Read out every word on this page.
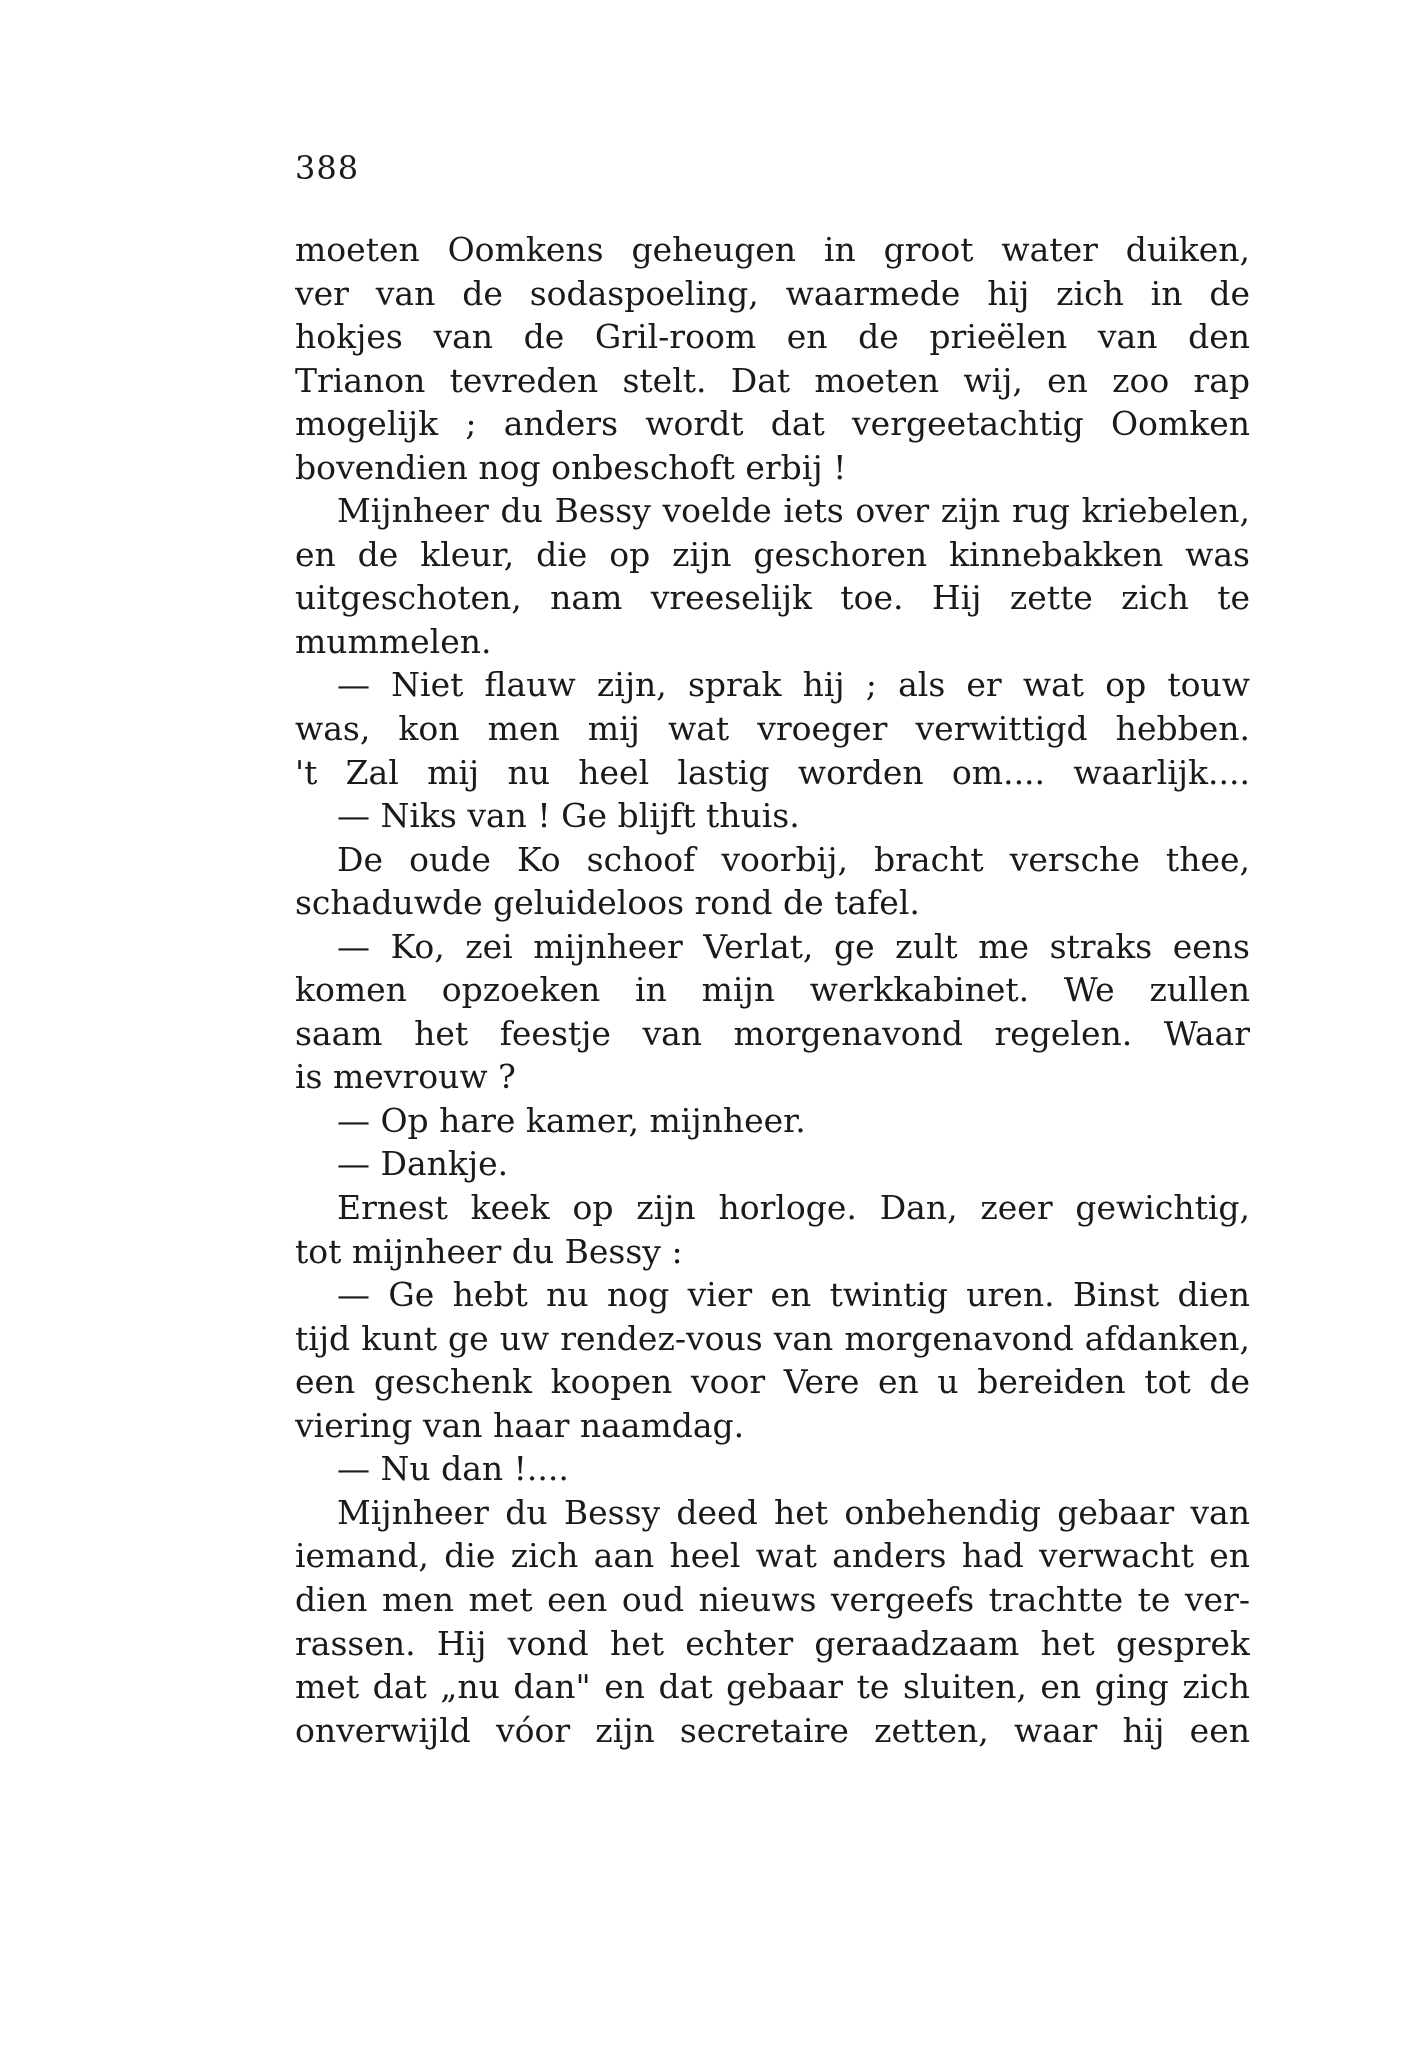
388
moeten Oomkens geheugen in groot water duiken,
ver van de sodaspoeling, waarmede hij zich in de
hokjes van de Gril-room en de prieëlen van den
Trianon tevreden stelt. Dat moeten wij, en zoo rap
mogelijk ; anders wordt dat vergeetachtig Oomken
bovendien nog onbeschoft erbij !
Mijnheer du Bessy voelde iets over zijn rug kriebelen,
en de kleur, die op zijn geschoren kinnebakken was
uitgeschoten, nam vreeselijk toe. Hij zette zich te
mummelen.
— Niet flauw zijn, sprak hij ; als er wat op touw
was, kon men mij wat vroeger verwittigd hebben.
't Zal mij nu heel lastig worden om.... waarlijk....
— Niks van ! Ge blijft thuis.
De oude Ko schoof voorbij, bracht versche thee,
schaduwde geluideloos rond de tafel.
— Ko, zei mijnheer Verlat, ge zult me straks eens
komen opzoeken in mijn werkkabinet. We zullen
saam het feestje van morgenavond regelen. Waar
is mevrouw ?
— Op hare kamer, mijnheer.
— Dankje.
Ernest keek op zijn horloge. Dan, zeer gewichtig,
tot mijnheer du Bessy :
— Ge hebt nu nog vier en twintig uren. Binst dien
tijd kunt ge uw rendez-vous van morgenavond afdanken,
een geschenk koopen voor Vere en u bereiden tot de
viering van haar naamdag.
— Nu dan !....
Mijnheer du Bessy deed het onbehendig gebaar van
iemand, die zich aan heel wat anders had verwacht en
dien men met een oud nieuws vergeefs trachtte te ver-
rassen. Hij vond het echter geraadzaam het gesprek
met dat „nu dan" en dat gebaar te sluiten, en ging zich
onverwijld vóor zijn secretaire zetten, waar hij een
